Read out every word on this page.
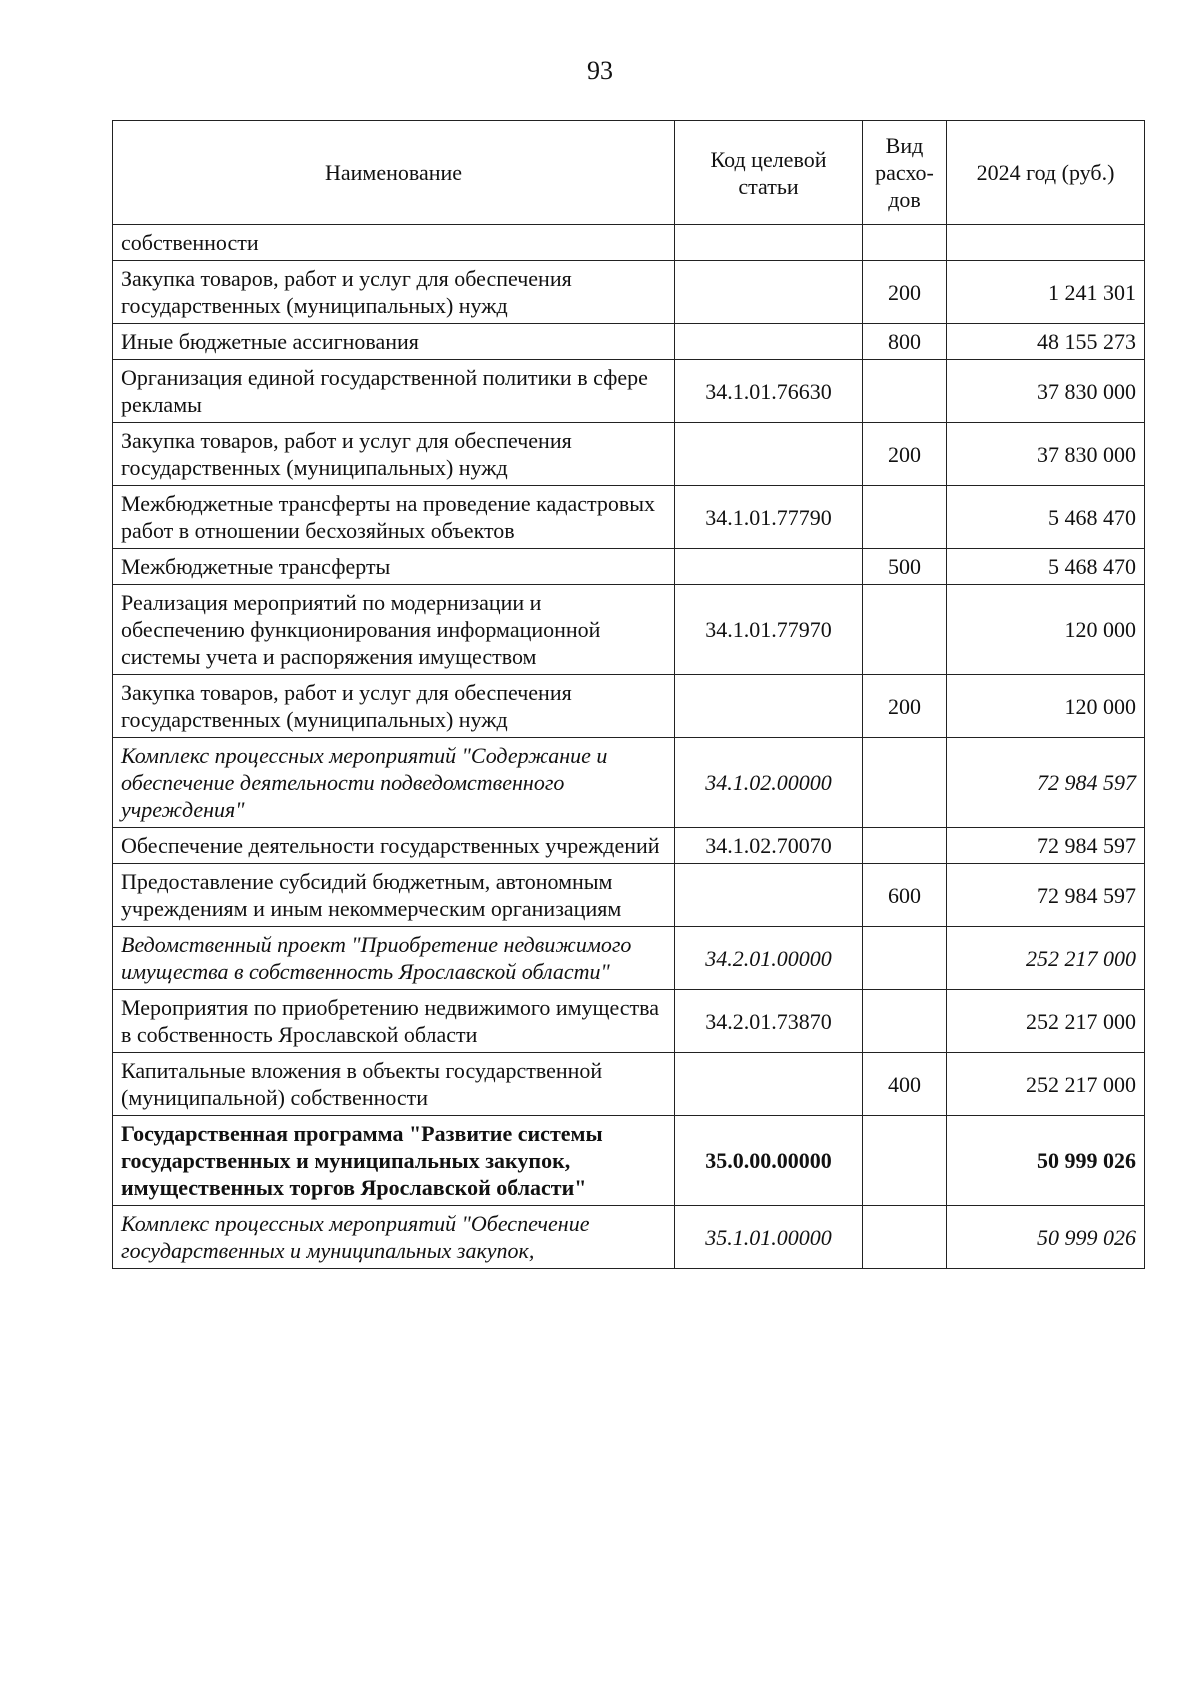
93
Наименование	Код целевой статьи	Вид расхо-дов	2024 год (руб.)
собственности			
Закупка товаров, работ и услуг для обеспечения государственных (муниципальных) нужд		200	1 241 301
Иные бюджетные ассигнования		800	48 155 273
Организация единой государственной политики в сфере рекламы	34.1.01.76630		37 830 000
Закупка товаров, работ и услуг для обеспечения государственных (муниципальных) нужд		200	37 830 000
Межбюджетные трансферты на проведение кадастровых работ в отношении бесхозяйных объектов	34.1.01.77790		5 468 470
Межбюджетные трансферты		500	5 468 470
Реализация мероприятий по модернизации и обеспечению функционирования информационной системы учета и распоряжения имуществом	34.1.01.77970		120 000
Закупка товаров, работ и услуг для обеспечения государственных (муниципальных) нужд		200	120 000
Комплекс процессных мероприятий "Содержание и обеспечение деятельности подведомственного учреждения"	34.1.02.00000		72 984 597
Обеспечение деятельности государственных учреждений	34.1.02.70070		72 984 597
Предоставление субсидий бюджетным, автономным учреждениям и иным некоммерческим организациям		600	72 984 597
Ведомственный проект "Приобретение недвижимого имущества в собственность Ярославской области"	34.2.01.00000		252 217 000
Мероприятия по приобретению недвижимого имущества в собственность Ярославской области	34.2.01.73870		252 217 000
Капитальные вложения в объекты государственной (муниципальной) собственности		400	252 217 000
Государственная программа "Развитие системы государственных и муниципальных закупок, имущественных торгов Ярославской области"	35.0.00.00000		50 999 026
Комплекс процессных мероприятий "Обеспечение государственных и муниципальных закупок,	35.1.01.00000		50 999 026
